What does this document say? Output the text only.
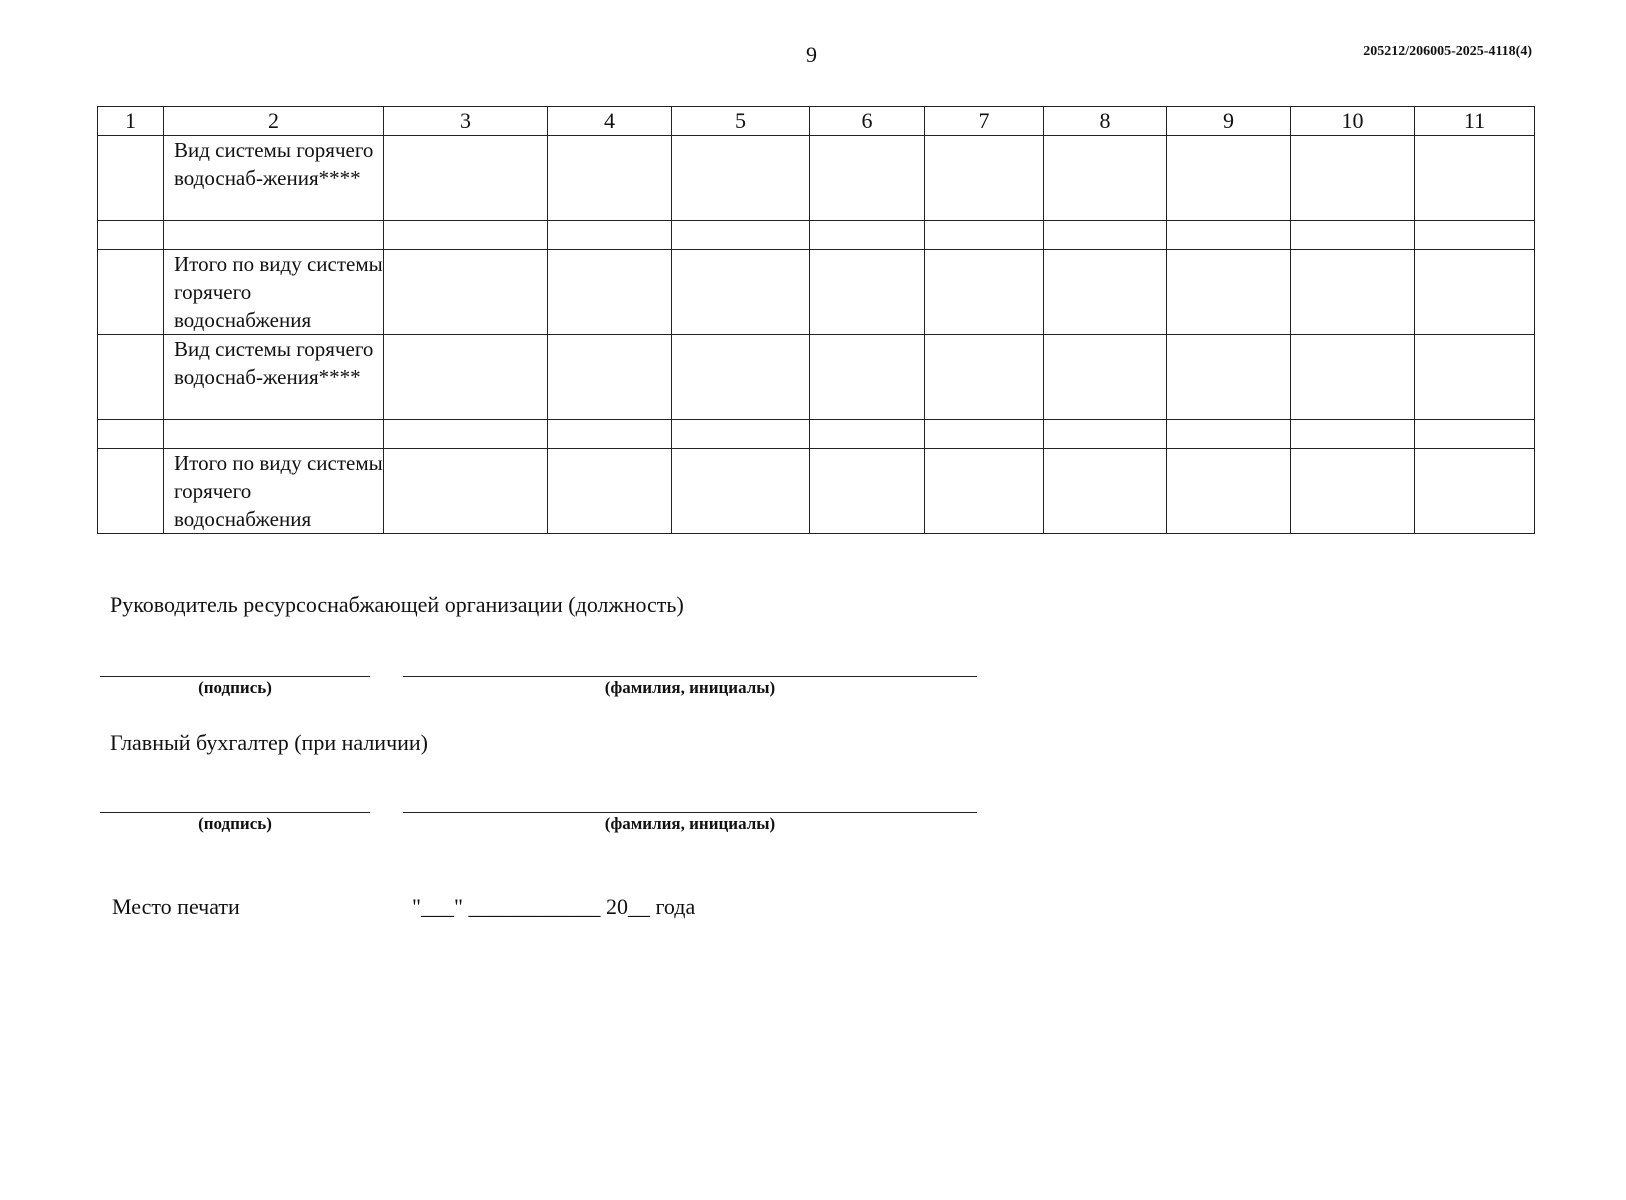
9	205212/206005-2025-4118(4)
1	2	3	4	5	6	7	8	9	10	11
	Вид системы горячего водоснаб-жения****									

	Итого по виду системы горячего водоснабжения									
	Вид системы горячего водоснаб-жения****									

	Итого по виду системы горячего водоснабжения									
Руководитель ресурсоснабжающей организации (должность)
(подпись)	(фамилия, инициалы)
Главный бухгалтер (при наличии)
(подпись)	(фамилия, инициалы)
Место печати	"___" ____________ 20__ года
